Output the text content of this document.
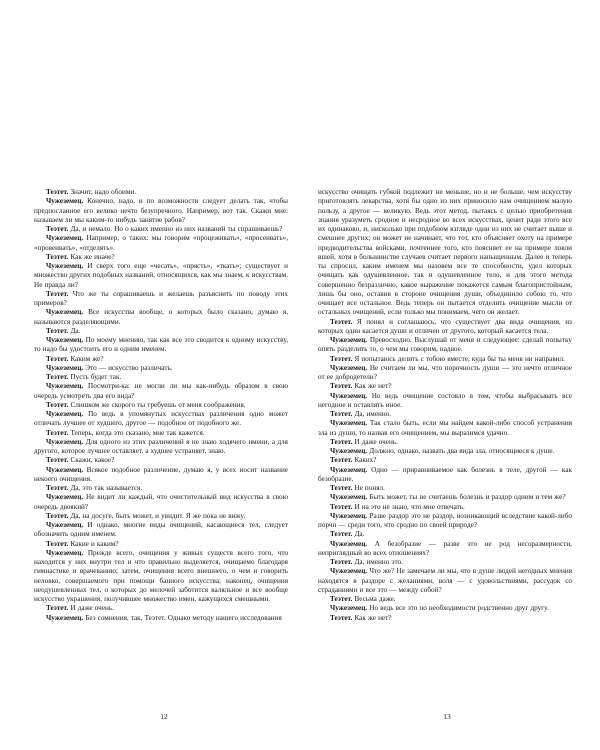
Теэтет. Значит, надо обоими.

Чужеземец. Конечно, надо, и по возможности следует делать так, чтобы предпосланное его велико нечто безупречного. Например, вот так. Скажи мне: называем ли мы каким-то нибудь занятие рабов?

Теэтет. Да, и немало. Но о каких именно из них названий ты спрашиваешь?

Чужеземец. Например, о таких: мы говорим «процеживать», «просеивать», «провеивать», «отделять».

Теэтет. Как же иначе?

Чужеземец. И сверх того еще «чесать», «прясть», «ткать»; существует и множество других подобных названий, относящихся, как мы знаем, к искусствам. Не правда ли?

Теэтет. Что же ты спрашиваешь и желаешь разъяснить по поводу этих примеров?

Чужеземец. Все искусства вообще, о которых было сказано, думаю я, называются разделяющими.

Теэтет. Да.

Чужеземец. По моему мнению, так как все это сводится к одному искусству, то надо бы удостоить его и одним именем.

Теэтет. Каким же?

Чужеземец. Это — искусство различать.

Теэтет. Пусть будет так.

Чужеземец. Посмотри-ка: не могли ли мы как-нибудь образом в свою очередь усмотреть два его вида?

Теэтет. Слишком же скорого ты требуешь от меня соображения.

Чужеземец. По ведь в упомянутых искусствах различения одно может отличать лучшее от худшего, другое — подобное от подобного же.

Теэтет. Теперь, когда это сказано, мне так кажется.

Чужеземец. Для одного из этих различений я не знаю ходячего имени, а для другого, которое лучшее оставляет, а худшее устраняет, знаю.

Теэтет. Скажи, какое?

Чужеземец. Всякое подобное различение, думаю я, у всех носит название некоего очищения.

Теэтет. Да, это так называется.

Чужеземец. Не видит ли каждый, что очистительный вид искусства в свою очередь двоякий?

Теэтет. Да, на досуге, быть может, и увидит. Я же пока не вижу.

Чужеземец. И однако, многие виды очищений, касающиеся тел, следует обозначить одним именем.

Теэтет. Какие и каким?

Чужеземец. Прежде всего, очищения у живых существ всего того, что находится у них внутри тел и что правильно выделяется, очищаемо благодаря гимнастике и врачеванию; затем, очищения всего внешнего, о чем и говорить неловко, совершаемого при помощи банного искусства; наконец, очищения неодушевленных тел, о которых до мелочей заботится валяльное и все вообще искусство украшения, получившее множество имен, кажущихся смешными.

Теэтет. И даже очень.

Чужеземец. Без сомнения, так, Теэтет. Однако методу нашего исследования

искусство очищать губкой подлежит не меньше, но и не больше, чем искусству приготовлять лекарства, хотя бы одно из них приносило нам очищением малую пользу, а другое — великую. Ведь этот метод, пытаясь с целью приобретения знания уразуметь сродное и несродное во всех искусствах, ценит ради этого все их одинаково, и, нисколько при подобном взгляде одни из них не считает выше и смешнее других; он может не начинает, что тот, кто объясняет охоту на примере предводительства войсками, почтеннее того, кто поясняет ее на примере ловли вшей, хотя в большинстве случаев считает первого напыщенным. Далее и теперь ты спросил, каким именем мы назовем все те способности, удел которых очищать как одушевленное, так и одушевленное тело, и для этого метода совершенно безразлично, какое выражение покажется самым благопристойным, лишь бы оно, оставив в стороне очищения души, объединило собою то, что очищает все остальное. Ведь теперь он пытается отделить очищение мысли от остальных очищений, если только мы понимаем, чего он желает.

Теэтет. Я понял и соглашаюсь, что существует два вида очищения, из которых один касается души и отличен от другого, который касается тела.

Чужеземец. Превосходно. Выслушай от меня и следующее: сделай попытку опять разделить то, о чем мы говорим, надвое.

Теэтет. Я попытаюсь делить с тобою вместе, куда бы ты меня ни направил.

Чужеземец. Не считаем ли мы, что порочность души — это нечто отличное от ее добродетели?

Теэтет. Как же нет?

Чужеземец. Но ведь очищение состояло в том, чтобы выбрасывать все негодное и оставлять иное.

Теэтет. Да, именно.

Чужеземец. Так стало быть, если мы найдем какой-либо способ устранения зла из души, то назвав его очищением, мы выразимся удачно.

Теэтет. И даже очень.

Чужеземец. Должно, однако, назвать два вида зла, относящиеся к душе.

Теэтет. Каких?

Чужеземец. Одно — приравниваемое как болезнь в теле, другой — как безобразие.

Теэтет. Не понял.

Чужеземец. Быть может, ты не считаешь болезнь и раздор одним и тем же?

Теэтет. И на это не знаю, что мне отвечать.

Чужеземец. Разве раздор это не раздор, возникающий вследствие какой-либо порчи — среди того, что сродно по своей природе?

Теэтет. Да.

Чужеземец. А безобразие — разве это не род несоразмерности, неприглядный во всех отношениях?

Теэтет. Да, именно это.

Чужеземец. Что же? Не замечаем ли мы, что в душе людей негодных мнения находятся в раздоре с желаниями, воля — с удовольствиями, рассудок со страданиями и все это — между собой?

Теэтет. Весьма даже.

Чужеземец. Но ведь все это по необходимости родственно друг другу.

Теэтет. Как же нет?

12	13
